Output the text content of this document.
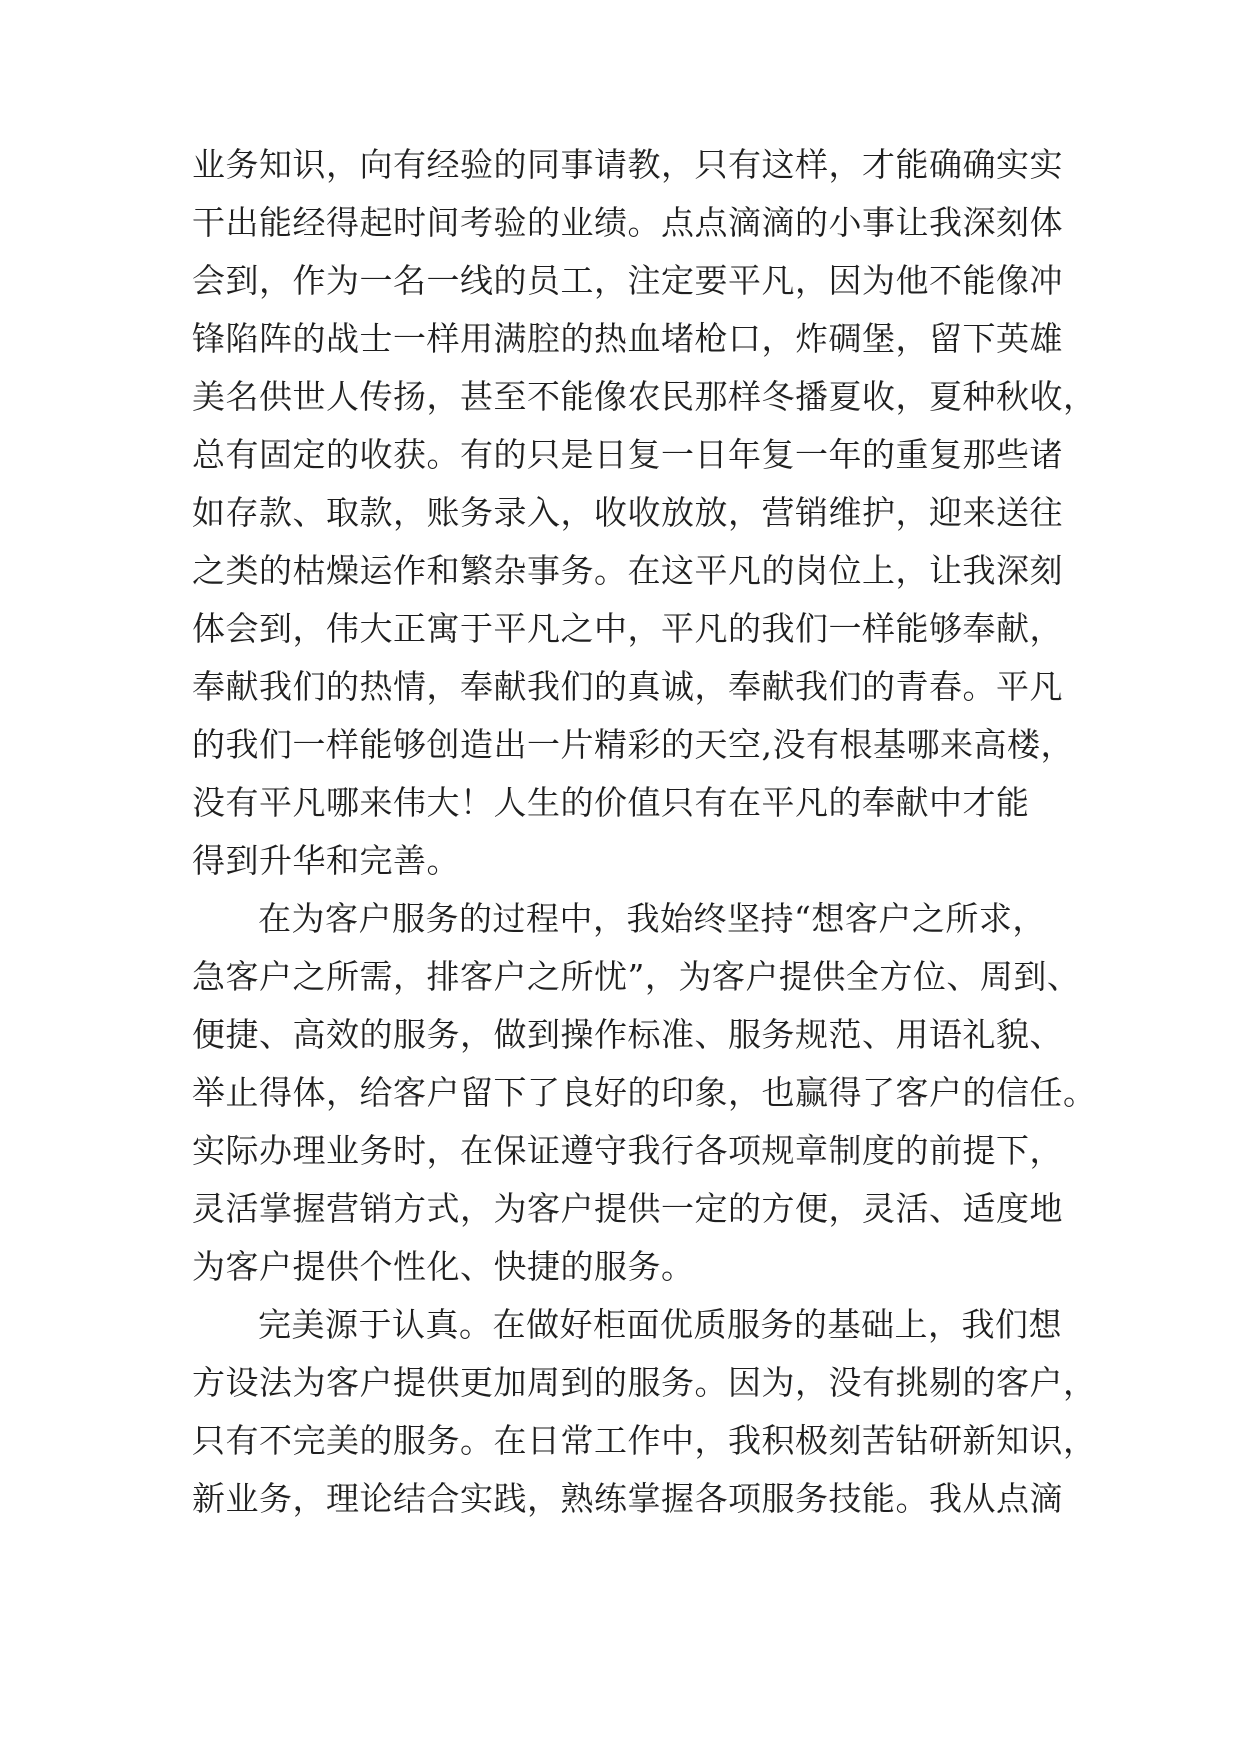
业务知识，向有经验的同事请教，只有这样，才能确确实实
干出能经得起时间考验的业绩。点点滴滴的小事让我深刻体
会到，作为一名一线的员工，注定要平凡，因为他不能像冲
锋陷阵的战士一样用满腔的热血堵枪口，炸碉堡，留下英雄
美名供世人传扬，甚至不能像农民那样冬播夏收，夏种秋收，
总有固定的收获。有的只是日复一日年复一年的重复那些诸
如存款、取款，账务录入，收收放放，营销维护，迎来送往
之类的枯燥运作和繁杂事务。在这平凡的岗位上，让我深刻
体会到，伟大正寓于平凡之中，平凡的我们一样能够奉献，
奉献我们的热情，奉献我们的真诚，奉献我们的青春。平凡
的我们一样能够创造出一片精彩的天空,没有根基哪来高楼，
没有平凡哪来伟大！人生的价值只有在平凡的奉献中才能
得到升华和完善。
在为客户服务的过程中，我始终坚持“想客户之所求，
急客户之所需，排客户之所忧”，为客户提供全方位、周到、
便捷、高效的服务，做到操作标准、服务规范、用语礼貌、
举止得体，给客户留下了良好的印象，也赢得了客户的信任。
实际办理业务时，在保证遵守我行各项规章制度的前提下，
灵活掌握营销方式，为客户提供一定的方便，灵活、适度地
为客户提供个性化、快捷的服务。
完美源于认真。在做好柜面优质服务的基础上，我们想
方设法为客户提供更加周到的服务。因为，没有挑剔的客户，
只有不完美的服务。在日常工作中，我积极刻苦钻研新知识，
新业务，理论结合实践，熟练掌握各项服务技能。我从点滴
